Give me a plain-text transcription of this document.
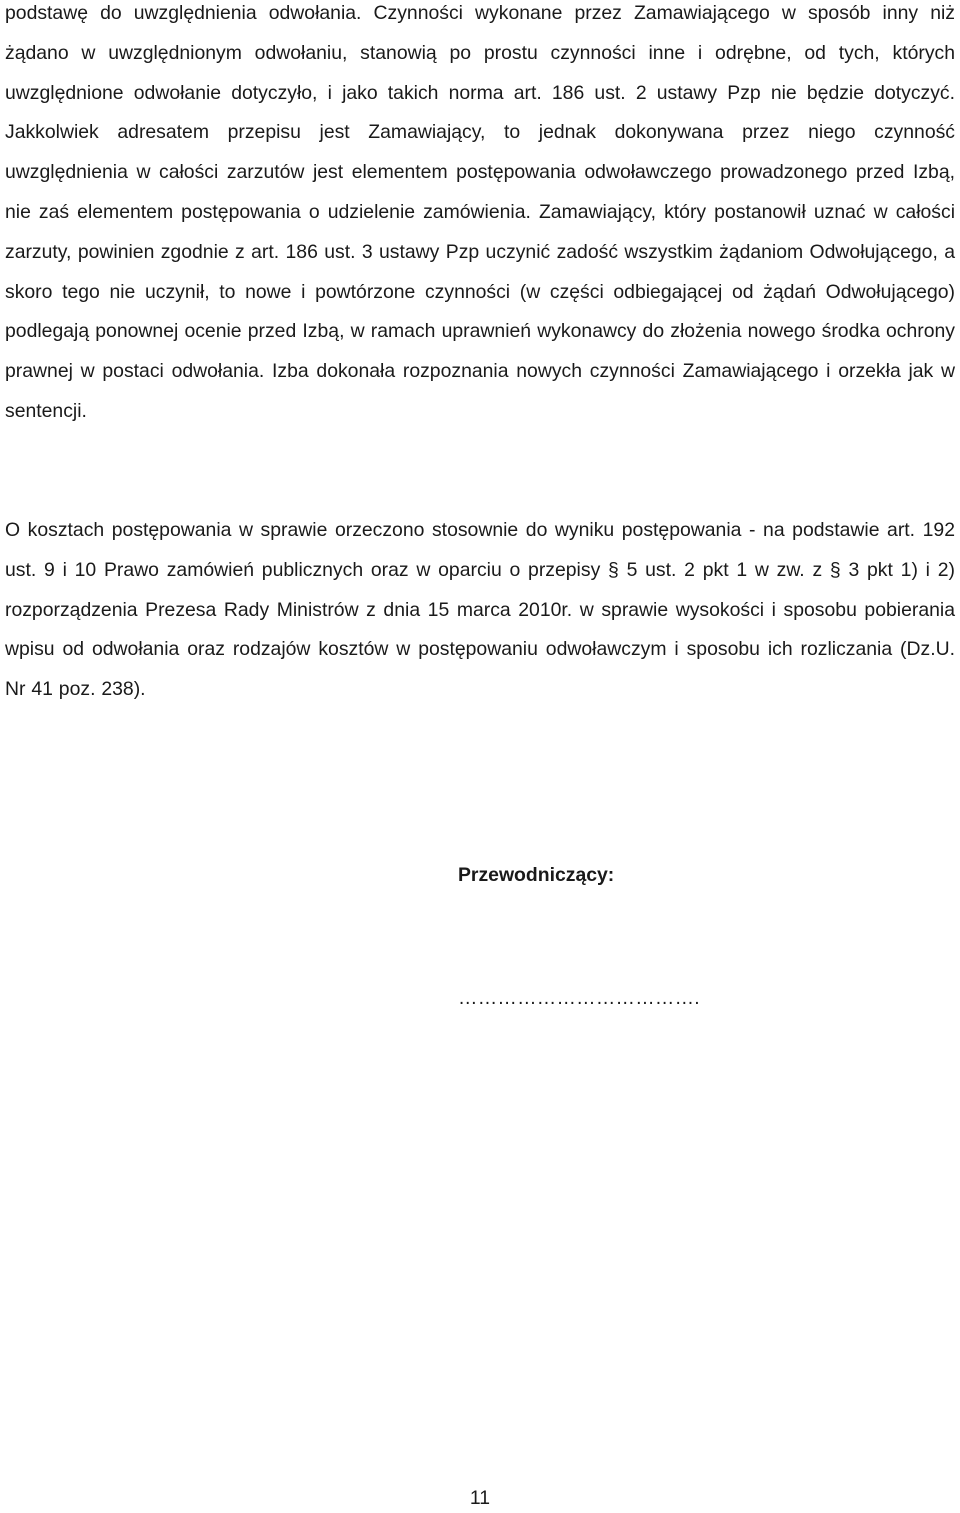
podstawę do uwzględnienia odwołania. Czynności wykonane przez Zamawiającego w sposób inny niż żądano w uwzględnionym odwołaniu, stanowią po prostu czynności inne i odrębne, od tych, których uwzględnione odwołanie dotyczyło, i jako takich norma art. 186 ust. 2 ustawy Pzp nie będzie dotyczyć. Jakkolwiek adresatem przepisu jest Zamawiający, to jednak dokonywana przez niego czynność uwzględnienia w całości zarzutów jest elementem postępowania odwoławczego prowadzonego przed Izbą, nie zaś elementem postępowania o udzielenie zamówienia. Zamawiający, który postanowił uznać w całości zarzuty, powinien zgodnie z art. 186 ust. 3 ustawy Pzp uczynić zadość wszystkim żądaniom Odwołującego, a skoro tego nie uczynił, to nowe i powtórzone czynności (w części odbiegającej od żądań Odwołującego) podlegają ponownej ocenie przed Izbą, w ramach uprawnień wykonawcy do złożenia nowego środka ochrony prawnej w postaci odwołania. Izba dokonała rozpoznania nowych czynności Zamawiającego i orzekła jak w sentencji.

O kosztach postępowania w sprawie orzeczono stosownie do wyniku postępowania - na podstawie art. 192 ust. 9 i 10 Prawo zamówień publicznych oraz w oparciu o przepisy § 5 ust. 2 pkt 1 w zw. z § 3 pkt 1) i 2) rozporządzenia Prezesa Rady Ministrów z dnia 15 marca 2010r. w sprawie wysokości i sposobu pobierania wpisu od odwołania oraz rodzajów kosztów w postępowaniu odwoławczym i sposobu ich rozliczania (Dz.U. Nr 41 poz. 238).

Przewodniczący:

……………………………….

11
